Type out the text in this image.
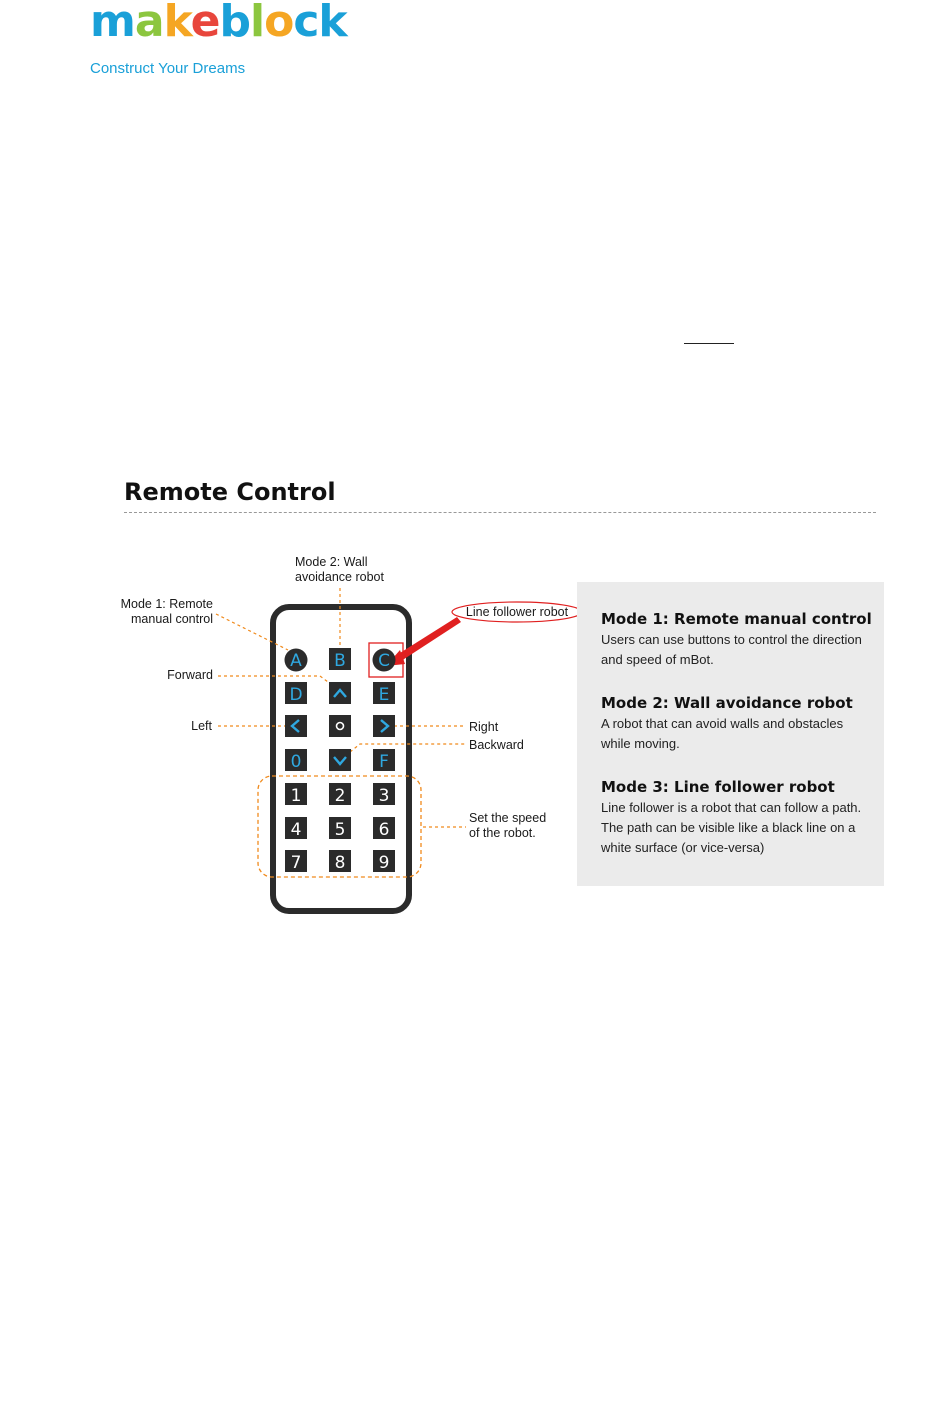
makeblock
Construct Your Dreams
Remote Control
A B C
D	E
0	F
1 2 3
4 5 6
7 8 9
Mode 2: Wall
avoidance robot
Mode 1: Remote
manual control	Line follower robot
Forward
Left	Right
Backward
Set the speed
of the robot.
Mode 1: Remote manual control
Users can use buttons to control the direction and speed of mBot.
Mode 2: Wall avoidance robot
A robot that can avoid walls and obstacles while moving.
Mode 3: Line follower robot
Line follower is a robot that can follow a path. The path can be visible like a black line on a white surface (or vice-versa)
